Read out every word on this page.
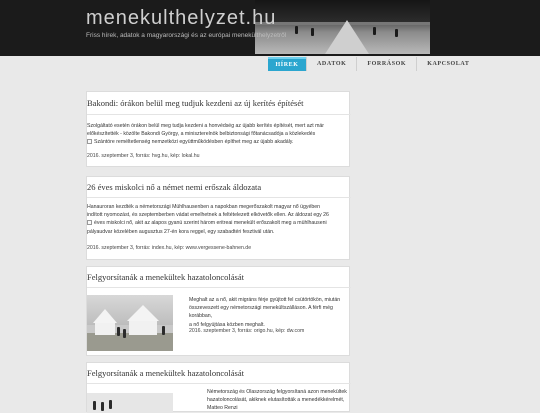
menekulthelyzet.hu
Friss hírek, adatok a magyarországi és az európai menekülthelyzetről
HÍREK	ADATOK	FORRÁSOK	KAPCSOLAT
Bakondi: órákon belül meg tudjuk kezdeni az új kerítés építését
Szolgáltató esetén órákon belül meg tudja kezdeni a honvédség az újabb kerítés építését, mert azt már
előkészítették - közölte Bakondi György, a miniszterelnök belbiztonsági főtanácsadója a közlekedés
Szántóre reméltetlenség nemzetközi együttműködésben építhet meg az újabb akadály.
2016. szeptember 3, forrás: hvg.hu, kép: lokal.hu
26 éves miskolci nő a német nemi erőszak áldozata
Hanauroran kezdték a németországi Mühlhausenben a napokban megerőszakolt magyar nő ügyében
indított nyomozást, és szeptemberben vádat emelhetnek a feltételezett elkövetők ellen. Az áldozat egy 26
éves miskolci nő, akit az alapos gyanú szerint három eritreai menekült erőszakolt meg a mühlhauseni
pályaudvar közelében augusztus 27-én kora reggel, egy szabadtéri fesztivál után.
2016. szeptember 3, forrás: index.hu, kép: www.vergessene-bahnen.de
Felgyorsítanák a menekültek hazatoloncolását
Meghalt az a nő, akit migráns férje gyújtott fel csütörtökön, miután
összeveszett egy németországi menekültszálláson. A férfi még korábban,
a nő felgyújtása közben meghalt.
2016. szeptember 3, forrás: origo.hu, kép: dw.com
Felgyorsítanák a menekültek hazatoloncolását
Németország és Olaszország felgyorsítaná azon menekültek
hazatoloncolását, akiknek elutasították a menedékkérelmét, Matteo Renzi
